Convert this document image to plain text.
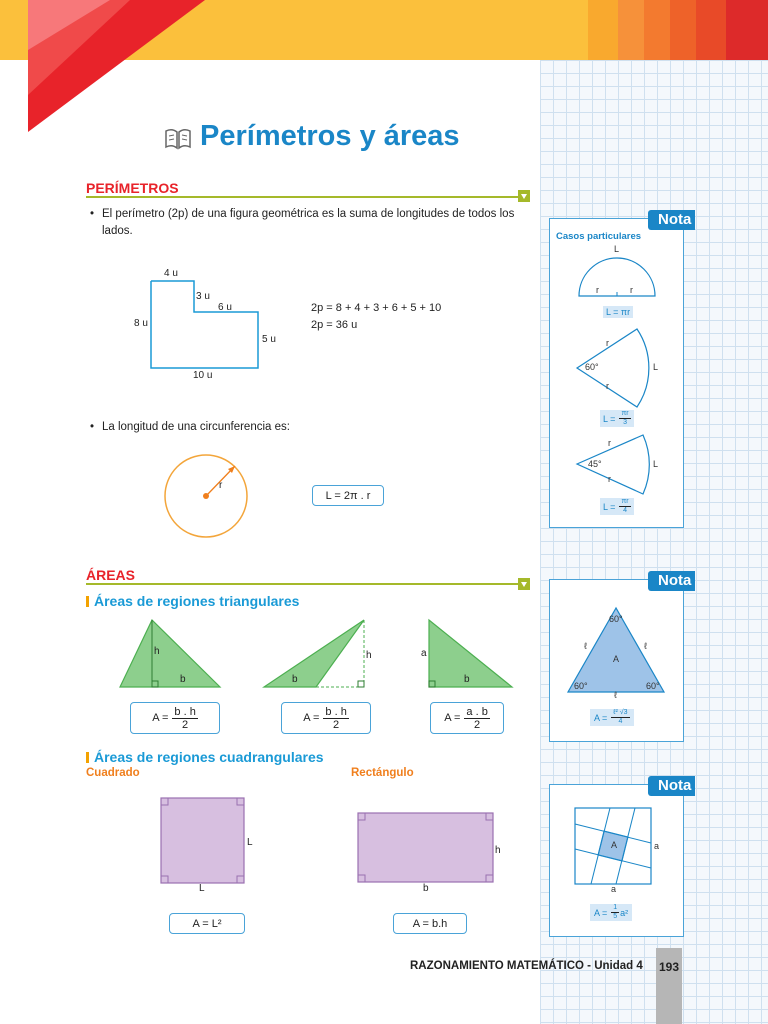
Perímetros y áreas
PERÍMETROS
• El perímetro (2p) de una figura geométrica es la suma de longitudes de todos los lados.
4 u
3 u
6 u
8 u
5 u
10 u
2p = 8 + 4 + 3 + 6 + 5 + 10
2p = 36 u
• La longitud de una circunferencia es:
r
L = 2π . r
ÁREAS
Áreas de regiones triangulares
h
b
$A = \frac{b . h}{2}$
h
b
$A = \frac{b . h}{2}$
a
b
$A = \frac{a . b}{2}$
Áreas de regiones cuadrangulares
Cuadrado	Rectángulo
L
L
A = L²
h
b
A = b.h
Nota
Casos particulares
L
r	r
L = πr
60°
r
r
L
$L = \frac{\pi r}{3}$
45°
r
r
L
$L = \frac{\pi r}{4}$
Nota
60°
60°	60°
ℓ	ℓ
ℓ
A
$A = \frac{\text{ℓ² √3}}{4}$
Nota
A	a
a
$A = \frac{1}{5} a^2$
RAZONAMIENTO MATEMÁTICO - Unidad 4 193
